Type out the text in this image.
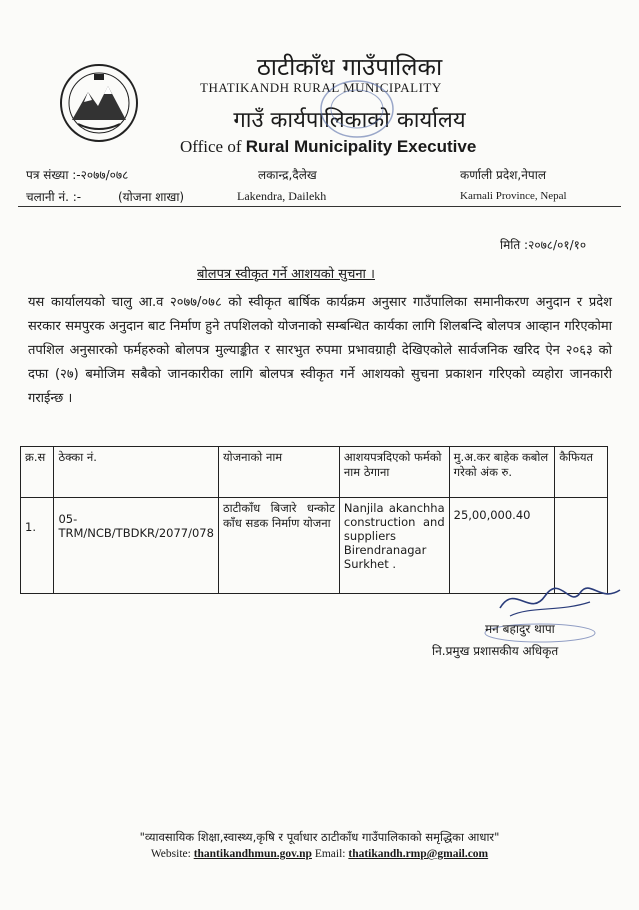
ठाटीकाँध गाउँपालिका
THATIKANDH RURAL MUNICIPALITY
गाउँ कार्यपालिकाको कार्यालय
Office of Rural Municipality Executive
पत्र संख्या :-२०७७/०७८
चलानी नं. :-	(योजना शाखा)
लकान्द्र,दैलेख
Lakendra, Dailekh
कर्णाली प्रदेश,नेपाल
Karnali Province, Nepal
मिति :२०७८/०१/१०
बोलपत्र स्वीकृत गर्ने आशयको सुचना ।
यस कार्यालयको चालु आ.व २०७७/०७८ को स्वीकृत बार्षिक कार्यक्रम अनुसार गाउँपालिका समानीकरण अनुदान र प्रदेश सरकार समपुरक अनुदान बाट निर्माण हुने तपशिलको योजनाको सम्बन्धित कार्यका लागि शिलबन्दि बोलपत्र आव्हान गरिएकोमा तपशिल अनुसारको फर्महरुको बोलपत्र मुल्याङ्कीत र सारभुत रुपमा प्रभावग्राही देखिएकोले सार्वजनिक खरिद ऐन २०६३ को दफा (२७) बमोजिम सबैको जानकारीका लागि बोलपत्र स्वीकृत गर्ने आशयको सुचना प्रकाशन गरिएको व्यहोरा जानकारी गराईन्छ ।
क्र.स	ठेक्का नं.	योजनाको नाम	आशयपत्रदिएको फर्मको नाम ठेगाना	मु.अ.कर बाहेक कबोल गरेको अंक रु.	कैफियत
1.	05-TRM/NCB/TBDKR/2077/078	ठाटीकाँध बिजारे धन्कोट काँध सडक निर्माण योजना	Nanjila akanchha construction and suppliers Birendranagar Surkhet .	25,00,000.40	
मन बहादुर थापा
नि.प्रमुख प्रशासकीय अधिकृत
"व्यावसायिक शिक्षा,स्वास्थ्य,कृषि र पूर्वाधार ठाटीकाँध गाउँपालिकाको समृद्धिका आधार"
Website: thantikandhmun.gov.np Email: thatikandh.rmp@gmail.com
